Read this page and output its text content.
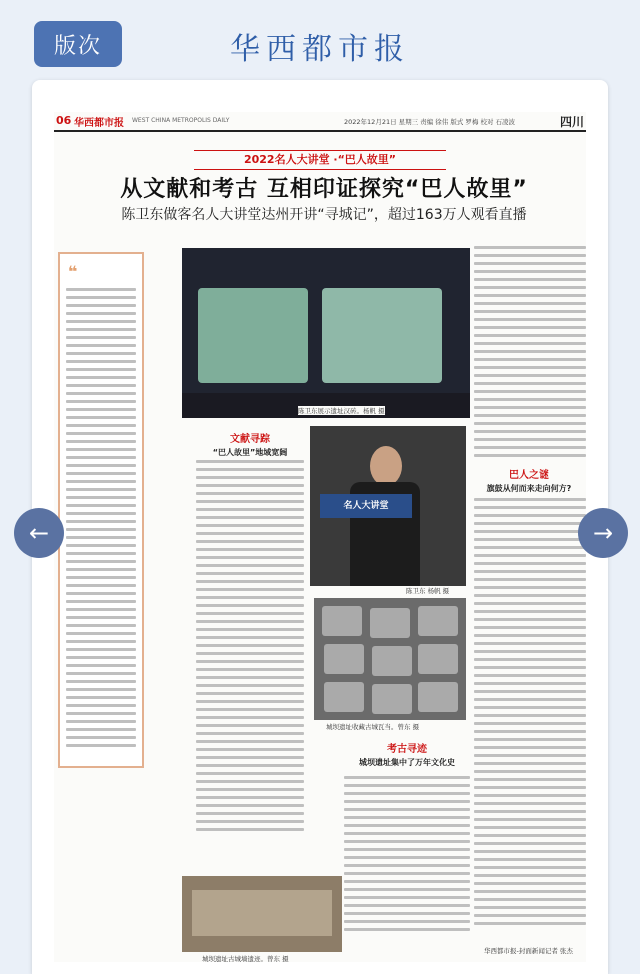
版次	华西都市报
06 华西都市报 WEST CHINA METROPOLIS DAILY	2022年12月21日 星期三 责编 徐伟 版式 罗梅 校对 石凌波	四川
2022名人大讲堂 ·“巴人故里”
从文献和考古 互相印证探究“巴人故里”
陈卫东做客名人大讲堂达州开讲“寻城记”，超过163万人观看直播
❝
陈卫东展示遗址汉砖。杨帆 摄
文献寻踪
“巴人故里”地域宽阔
名人大讲堂
陈卫东 杨帆 摄
巴人之谜
旗鼓从何而来走向何方?
城坝遗址收藏古城瓦当。曾东 摄
考古寻迹
城坝遗址集中了万年文化史
城坝遗址古城墙遗迹。曾东 摄
华西都市报-封面新闻记者 张杰
←	→
